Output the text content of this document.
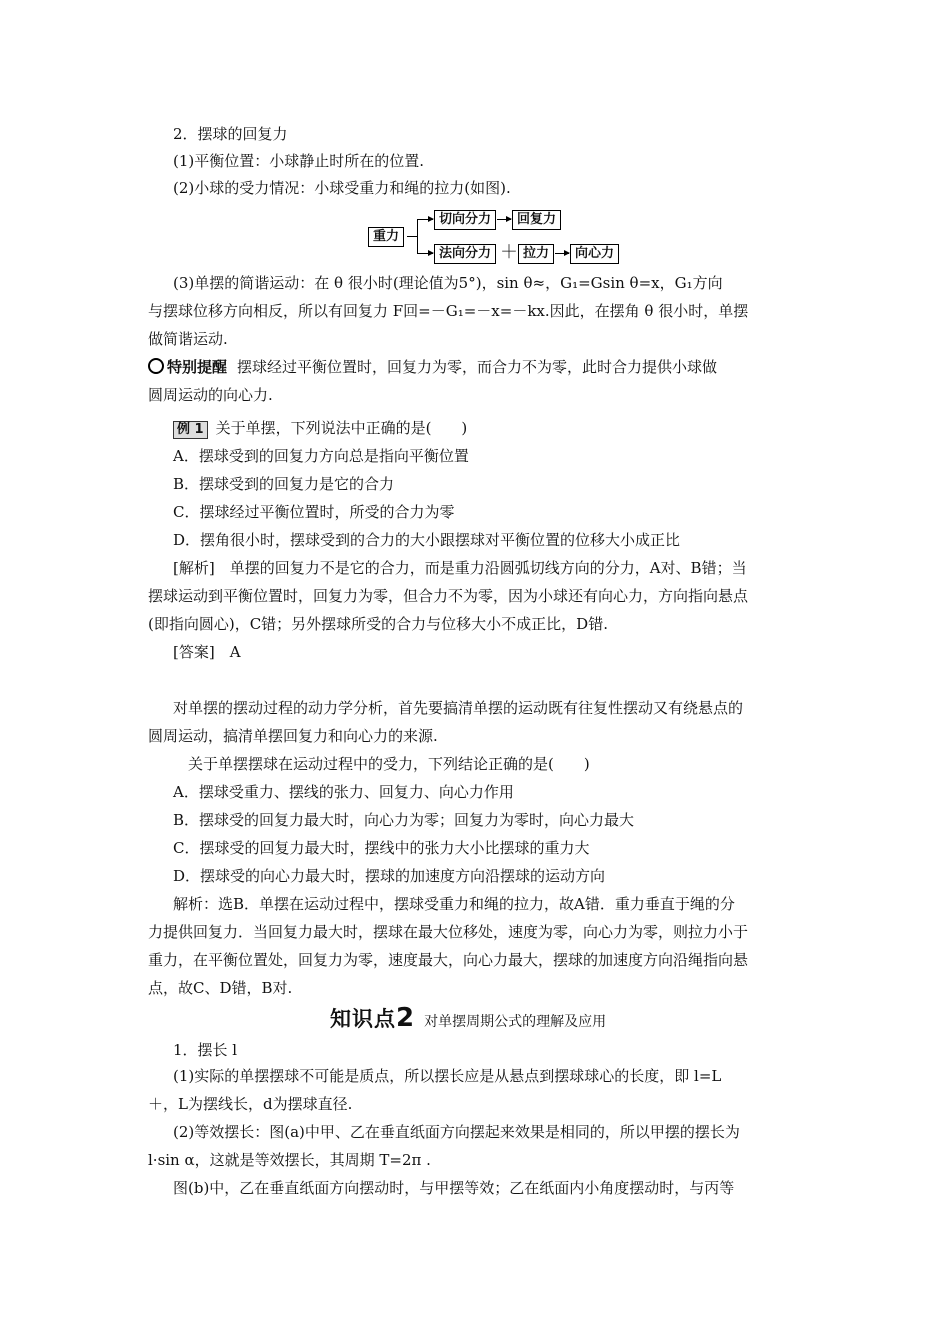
2．摆球的回复力
(1)平衡位置：小球静止时所在的位置.
(2)小球的受力情况：小球受重力和绳的拉力(如图).
重力
切向分力	回复力
法向分力 ＋ 拉力	向心力
(3)单摆的简谐运动：在 θ 很小时(理论值为5°)，sin θ≈，G₁=Gsin θ=x，G₁方向
与摆球位移方向相反，所以有回复力 F回=－G₁=－x=－kx.因此，在摆角 θ 很小时，单摆
做简谐运动.
特别提醒 摆球经过平衡位置时，回复力为零，而合力不为零，此时合力提供小球做
圆周运动的向心力.
例 1 关于单摆，下列说法中正确的是(　　)
A．摆球受到的回复力方向总是指向平衡位置
B．摆球受到的回复力是它的合力
C．摆球经过平衡位置时，所受的合力为零
D．摆角很小时，摆球受到的合力的大小跟摆球对平衡位置的位移大小成正比
[解析]　单摆的回复力不是它的合力，而是重力沿圆弧切线方向的分力，A对、B错；当
摆球运动到平衡位置时，回复力为零，但合力不为零，因为小球还有向心力，方向指向悬点
(即指向圆心)，C错；另外摆球所受的合力与位移大小不成正比，D错.
[答案]　A
对单摆的摆动过程的动力学分析，首先要搞清单摆的运动既有往复性摆动又有绕悬点的
圆周运动，搞清单摆回复力和向心力的来源.
　关于单摆摆球在运动过程中的受力，下列结论正确的是(　　)
A．摆球受重力、摆线的张力、回复力、向心力作用
B．摆球受的回复力最大时，向心力为零；回复力为零时，向心力最大
C．摆球受的回复力最大时，摆线中的张力大小比摆球的重力大
D．摆球受的向心力最大时，摆球的加速度方向沿摆球的运动方向
解析：选B．单摆在运动过程中，摆球受重力和绳的拉力，故A错．重力垂直于绳的分
力提供回复力．当回复力最大时，摆球在最大位移处，速度为零，向心力为零，则拉力小于
重力，在平衡位置处，回复力为零，速度最大，向心力最大，摆球的加速度方向沿绳指向悬
点，故C、D错，B对.
知识点2 对单摆周期公式的理解及应用
1．摆长 l
(1)实际的单摆摆球不可能是质点，所以摆长应是从悬点到摆球球心的长度，即 l=L
＋，L为摆线长，d为摆球直径.
(2)等效摆长：图(a)中甲、乙在垂直纸面方向摆起来效果是相同的，所以甲摆的摆长为
l·sin α，这就是等效摆长，其周期 T=2π .
图(b)中，乙在垂直纸面方向摆动时，与甲摆等效；乙在纸面内小角度摆动时，与丙等
